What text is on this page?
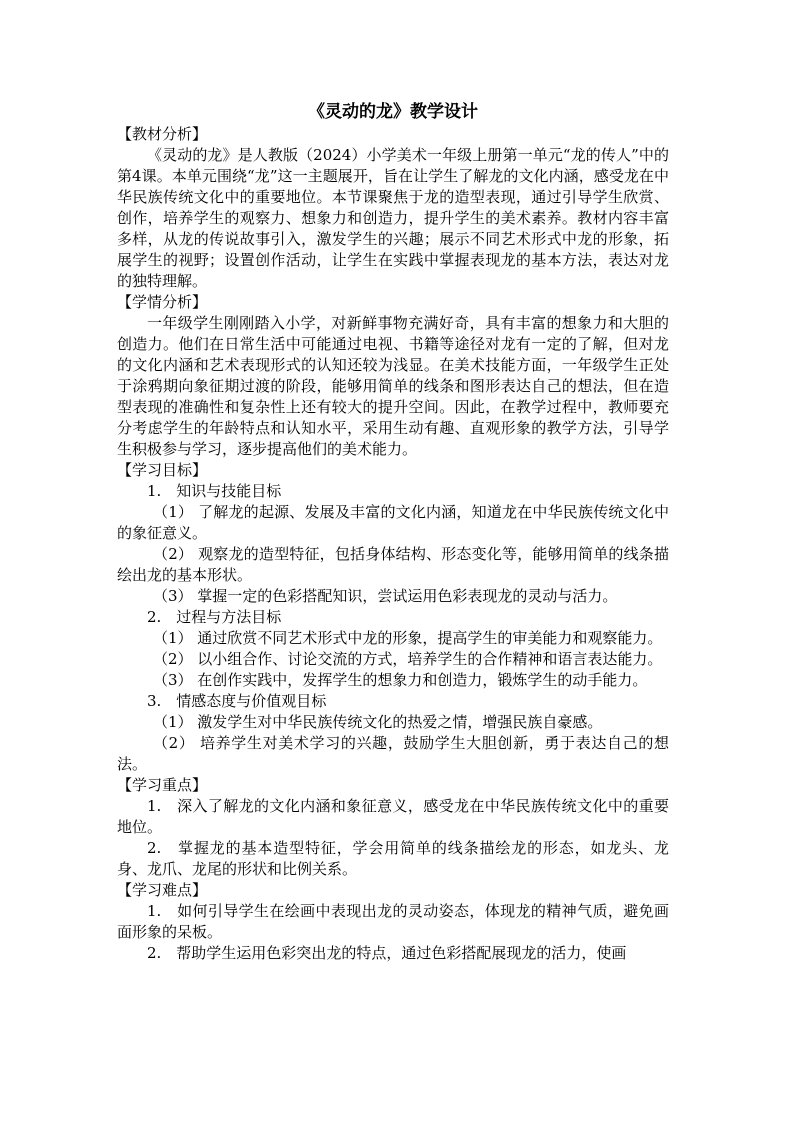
《灵动的龙》教学设计
【教材分析】

《灵动的龙》是人教版（2024）小学美术一年级上册第一单元“龙的传人”中的第4课。本单元围绕“龙”这一主题展开，旨在让学生了解龙的文化内涵，感受龙在中华民族传统文化中的重要地位。本节课聚焦于龙的造型表现，通过引导学生欣赏、创作，培养学生的观察力、想象力和创造力，提升学生的美术素养。教材内容丰富多样，从龙的传说故事引入，激发学生的兴趣；展示不同艺术形式中龙的形象，拓展学生的视野；设置创作活动，让学生在实践中掌握表现龙的基本方法，表达对龙的独特理解。

【学情分析】

一年级学生刚刚踏入小学，对新鲜事物充满好奇，具有丰富的想象力和大胆的创造力。他们在日常生活中可能通过电视、书籍等途径对龙有一定的了解，但对龙的文化内涵和艺术表现形式的认知还较为浅显。在美术技能方面，一年级学生正处于涂鸦期向象征期过渡的阶段，能够用简单的线条和图形表达自己的想法，但在造型表现的准确性和复杂性上还有较大的提升空间。因此，在教学过程中，教师要充分考虑学生的年龄特点和认知水平，采用生动有趣、直观形象的教学方法，引导学生积极参与学习，逐步提高他们的美术能力。

【学习目标】
1.　知识与技能目标

（1） 了解龙的起源、发展及丰富的文化内涵，知道龙在中华民族传统文化中的象征意义。

（2） 观察龙的造型特征，包括身体结构、形态变化等，能够用简单的线条描绘出龙的基本形状。

（3） 掌握一定的色彩搭配知识，尝试运用色彩表现龙的灵动与活力。

2.　过程与方法目标

（1） 通过欣赏不同艺术形式中龙的形象，提高学生的审美能力和观察能力。

（2） 以小组合作、讨论交流的方式，培养学生的合作精神和语言表达能力。

（3） 在创作实践中，发挥学生的想象力和创造力，锻炼学生的动手能力。

3.　情感态度与价值观目标

（1） 激发学生对中华民族传统文化的热爱之情，增强民族自豪感。

（2） 培养学生对美术学习的兴趣，鼓励学生大胆创新，勇于表达自己的想法。

【学习重点】

1.　深入了解龙的文化内涵和象征意义，感受龙在中华民族传统文化中的重要地位。

2.　掌握龙的基本造型特征，学会用简单的线条描绘龙的形态，如龙头、龙身、龙爪、龙尾的形状和比例关系。

【学习难点】

1.　如何引导学生在绘画中表现出龙的灵动姿态，体现龙的精神气质，避免画面形象的呆板。

2.　帮助学生运用色彩突出龙的特点，通过色彩搭配展现龙的活力，使画
